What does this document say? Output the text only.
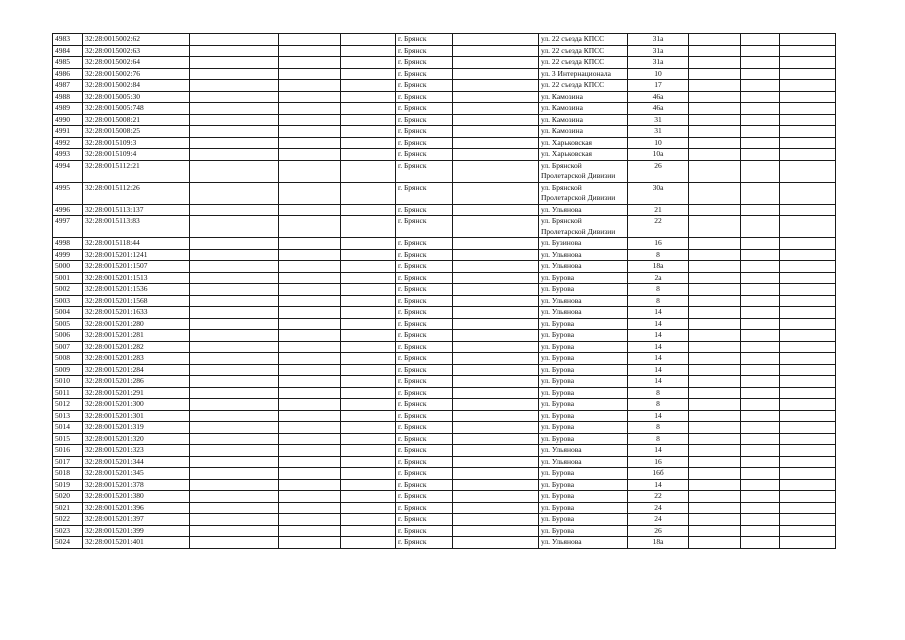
4983	32:28:0015002:62				г. Брянск		ул. 22 съезда КПСС	31а			
4984	32:28:0015002:63				г. Брянск		ул. 22 съезда КПСС	31а			
4985	32:28:0015002:64				г. Брянск		ул. 22 съезда КПСС	31а			
4986	32:28:0015002:76				г. Брянск		ул. 3 Интернационала	10			
4987	32:28:0015002:84				г. Брянск		ул. 22 съезда КПСС	17			
4988	32:28:0015005:30				г. Брянск		ул. Камозина	46а			
4989	32:28:0015005:748				г. Брянск		ул. Камозина	46а			
4990	32:28:0015008:21				г. Брянск		ул. Камозина	31			
4991	32:28:0015008:25				г. Брянск		ул. Камозина	31			
4992	32:28:0015109:3				г. Брянск		ул. Харьковская	10			
4993	32:28:0015109:4				г. Брянск		ул. Харьковская	10а			
4994	32:28:0015112:21				г. Брянск		ул. Брянской Пролетарской Дивизии	26			
4995	32:28:0015112:26				г. Брянск		ул. Брянской Пролетарской Дивизии	30а			
4996	32:28:0015113:137				г. Брянск		ул. Ульянова	21			
4997	32:28:0015113:83				г. Брянск		ул. Брянской Пролетарской Дивизии	22			
4998	32:28:0015118:44				г. Брянск		ул. Бузинова	16			
4999	32:28:0015201:1241				г. Брянск		ул. Ульянова	8			
5000	32:28:0015201:1507				г. Брянск		ул. Ульянова	18а			
5001	32:28:0015201:1513				г. Брянск		ул. Бурова	2а			
5002	32:28:0015201:1536				г. Брянск		ул. Бурова	8			
5003	32:28:0015201:1568				г. Брянск		ул. Ульянова	8			
5004	32:28:0015201:1633				г. Брянск		ул. Ульянова	14			
5005	32:28:0015201:280				г. Брянск		ул. Бурова	14			
5006	32:28:0015201:281				г. Брянск		ул. Бурова	14			
5007	32:28:0015201:282				г. Брянск		ул. Бурова	14			
5008	32:28:0015201:283				г. Брянск		ул. Бурова	14			
5009	32:28:0015201:284				г. Брянск		ул. Бурова	14			
5010	32:28:0015201:286				г. Брянск		ул. Бурова	14			
5011	32:28:0015201:291				г. Брянск		ул. Бурова	8			
5012	32:28:0015201:300				г. Брянск		ул. Бурова	8			
5013	32:28:0015201:301				г. Брянск		ул. Бурова	14			
5014	32:28:0015201:319				г. Брянск		ул. Бурова	8			
5015	32:28:0015201:320				г. Брянск		ул. Бурова	8			
5016	32:28:0015201:323				г. Брянск		ул. Ульянова	14			
5017	32:28:0015201:344				г. Брянск		ул. Ульянова	16			
5018	32:28:0015201:345				г. Брянск		ул. Бурова	16б			
5019	32:28:0015201:378				г. Брянск		ул. Бурова	14			
5020	32:28:0015201:380				г. Брянск		ул. Бурова	22			
5021	32:28:0015201:396				г. Брянск		ул. Бурова	24			
5022	32:28:0015201:397				г. Брянск		ул. Бурова	24			
5023	32:28:0015201:399				г. Брянск		ул. Бурова	26			
5024	32:28:0015201:401				г. Брянск		ул. Ульянова	18а			
